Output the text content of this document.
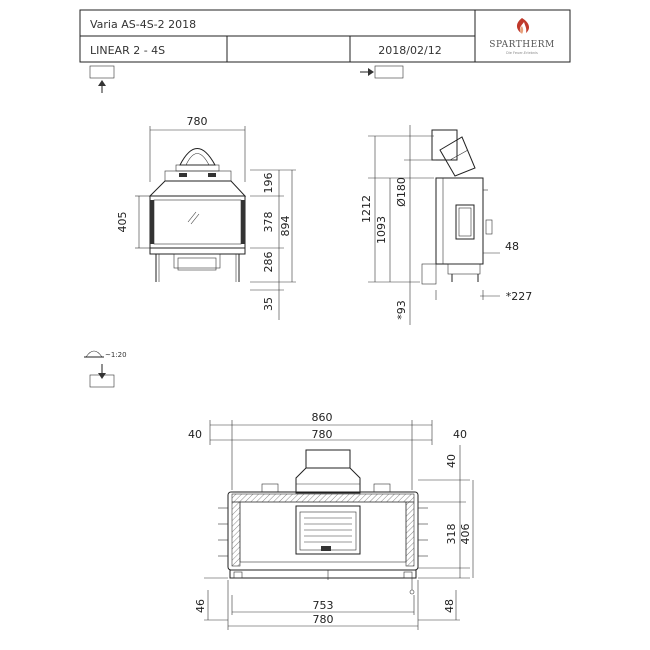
Varia AS-4S-2 2018
LINEAR 2 - 4S	2018/02/12	SPARTHERM
Die Feuer-Erlebnis
780
405
196
378 894
286
35
1212
1093
Ø180
*93
48
*227
~1:20
860
780
40	40
40
318 406
753
780
46	48
